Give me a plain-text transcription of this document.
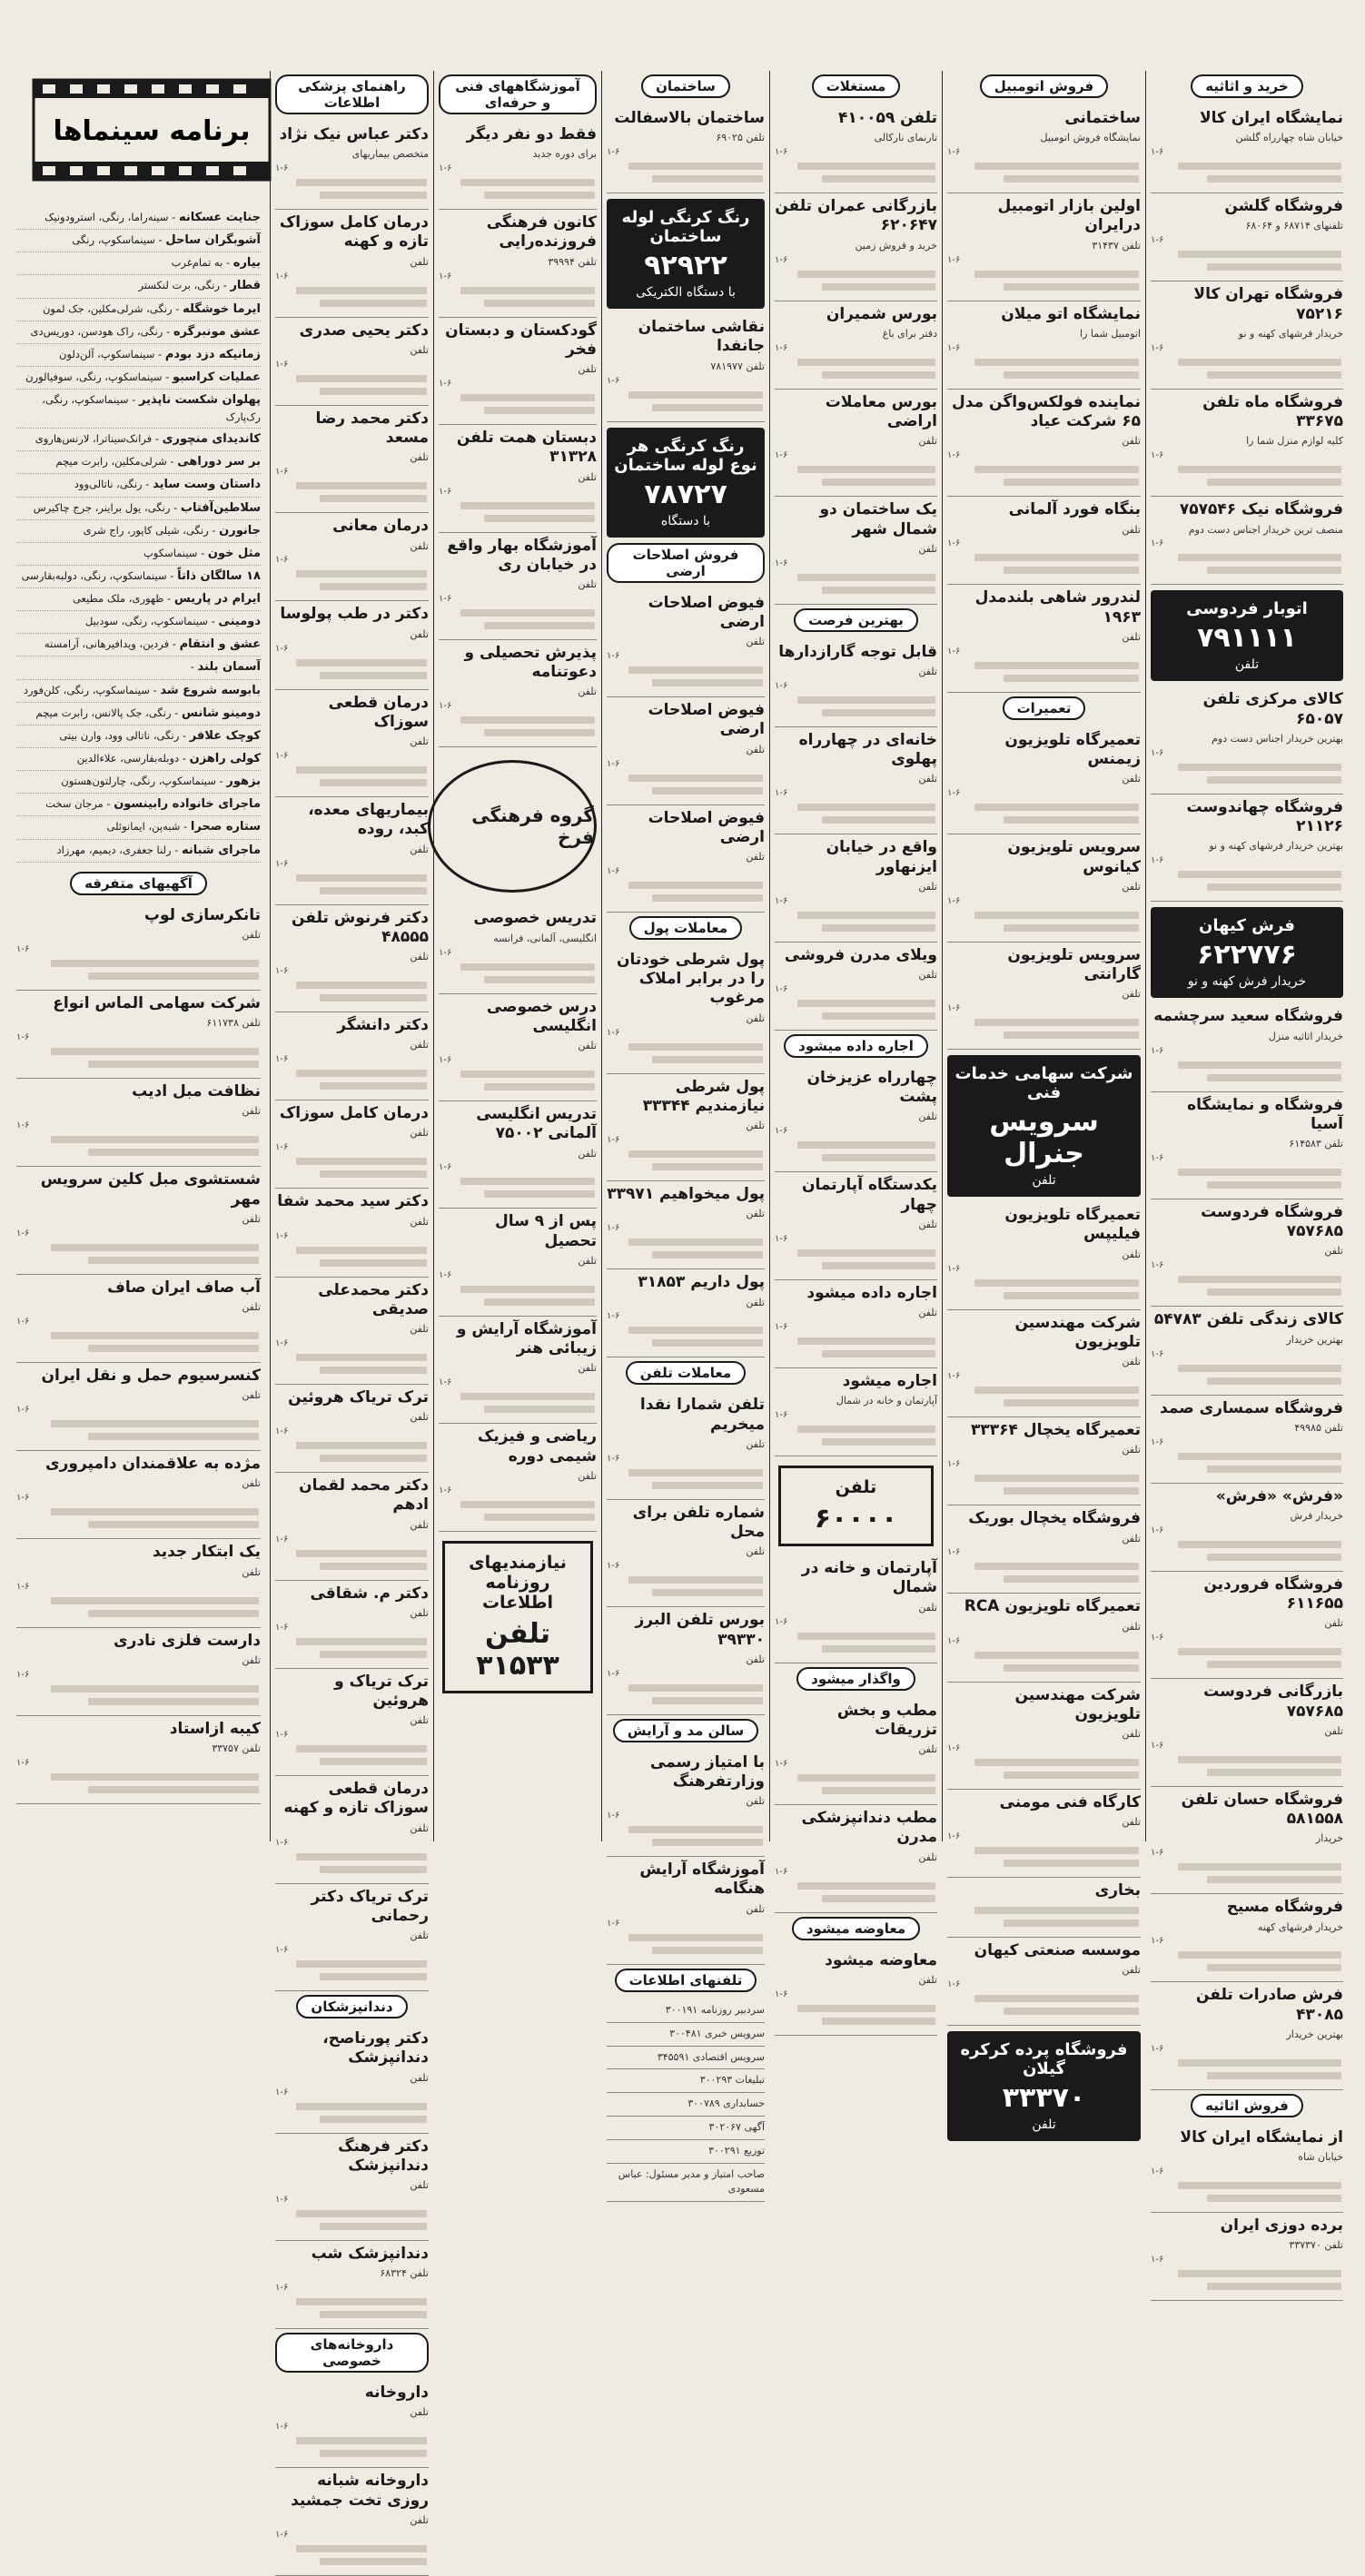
خرید و اثاثیه
نمایشگاه ایران کالا

خیابان شاه چهارراه گلشن

۱-۶
فروشگاه گلشن

تلفنهای ۶۸۷۱۴ و ۶۸۰۶۴

۱-۶
فروشگاه تهران کالا ۷۵۲۱۶

خریدار فرشهای کهنه و نو

۱-۶
فروشگاه ماه تلفن ۳۳۶۷۵

کلیه لوازم منزل شما را

۱-۶
فروشگاه نیک ۷۵۷۵۴۶

منصف ترین خریدار اجناس دست دوم

۱-۶
اتوبار فردوسی
۷۹۱۱۱۱
تلفن
کالای مرکزی تلفن ۶۵۰۵۷

بهترین خریدار اجناس دست دوم

۱-۶
فروشگاه چهاندوست ۲۱۱۲۶

بهترین خریدار فرشهای کهنه و نو

۱-۶
فرش کیهان
۶۲۲۷۷۶
خریدار فرش کهنه و نو
فروشگاه سعید سرچشمه

خریدار اثاثیه منزل

۱-۶
فروشگاه و نمایشگاه آسیا

تلفن ۶۱۴۵۸۳

۱-۶
فروشگاه فردوست ۷۵۷۶۸۵

تلفن

۱-۶
کالای زندگی تلفن ۵۴۷۸۳

بهترین خریدار

۱-۶
فروشگاه سمساری صمد

تلفن ۴۹۹۸۵

۱-۶
«فرش» «فرش»

خریدار فرش

۱-۶
فروشگاه فروردین ۶۱۱۶۵۵

تلفن

۱-۶
بازرگانی فردوست ۷۵۷۶۸۵

تلفن

۱-۶
فروشگاه حسان تلفن ۵۸۱۵۵۸

خریدار

۱-۶
فروشگاه مسیح

خریدار فرشهای کهنه

۱-۶
فرش صادرات تلفن ۴۳۰۸۵

بهترین خریدار

۱-۶
فروش اثاثیه
از نمایشگاه ایران کالا

خیابان شاه

۱-۶
برده دوزی ایران

تلفن ۳۳۷۳۷۰

۱-۶
فروش اتومبیل
ساختمانی

نمایشگاه فروش اتومبیل

۱-۶
اولین بازار اتومبیل درایران

تلفن ۳۱۴۳۷

۱-۶
نمایشگاه اتو میلان

اتومبیل شما را

۱-۶
نماینده فولکس‌واگن مدل ۶۵ شرکت عیاد

تلفن

۱-۶
بنگاه فورد آلمانی

تلفن

۱-۶
لندرور شاهی بلندمدل ۱۹۶۳

تلفن

۱-۶
تعمیرات
تعمیرگاه تلویزیون زیمنس

تلفن

۱-۶
سرویس تلویزیون کیانوس

تلفن

۱-۶
سرویس تلویزیون گارانتی

تلفن

۱-۶
شرکت سهامی خدمات فنی
سرویس جنرال
تلفن
تعمیرگاه تلویزیون فیلیپس

تلفن

۱-۶
شرکت مهندسین تلویزیون

تلفن

۱-۶
تعمیرگاه یخچال ۳۳۳۶۴

تلفن

۱-۶
فروشگاه یخچال بوریک

تلفن

۱-۶
تعمیرگاه تلویزیون RCA

تلفن

۱-۶
شرکت مهندسین تلویزیون

تلفن

۱-۶
کارگاه فنی مومنی

تلفن

۱-۶
بخاری

موسسه صنعتی کیهان

تلفن

۱-۶
فروشگاه پرده کرکره گیلان
۳۳۳۷۰
تلفن
مستغلات
تلفن ۴۱۰۰۵۹

تارنمای نارکالی

۱-۶
بازرگانی عمران تلفن ۶۲۰۶۴۷

خرید و فروش زمین

۱-۶
بورس شمیران

دفتر برای باغ

۱-۶
بورس معاملات اراضی

تلفن

۱-۶
یک ساختمان دو شمال شهر

تلفن

۱-۶
بهترین فرصت
قابل توجه گارازدارها

تلفن

۱-۶
خانه‌ای در چهارراه پهلوی

تلفن

۱-۶
واقع در خیابان ایزنهاور

تلفن

۱-۶
ویلای مدرن فروشی

تلفن

۱-۶
اجاره داده میشود
چهارراه عزیزخان پشت

تلفن

۱-۶
یکدستگاه آپارتمان چهار

تلفن

۱-۶
اجاره داده میشود

تلفن

۱-۶
اجاره میشود

آپارتمان و خانه در شمال

۱-۶
تلفن
۶۰۰۰۰
آپارتمان و خانه در شمال

تلفن

۱-۶
واگذار میشود
مطب و بخش تزریقات

تلفن

۱-۶
مطب دندانپزشکی مدرن

تلفن

۱-۶
معاوضه میشود
معاوضه میشود

تلفن

۱-۶
ساختمان
ساختمان بالاسفالت

تلفن ۶۹۰۲۵

۱-۶
رنگ کرنگی لوله ساختمان
۹۲۹۲۲
با دستگاه الکتریکی
نقاشی ساختمان جانفدا

تلفن ۷۸۱۹۷۷

۱-۶
رنگ کرنگی هر نوع لوله ساختمان
۷۸۷۲۷
با دستگاه
فروش اصلاحات ارضی
فیوض اصلاحات ارضی

تلفن

۱-۶
فیوض اصلاحات ارضی

تلفن

۱-۶
فیوض اصلاحات ارضی

تلفن

۱-۶
معاملات پول
پول شرطی خودتان را در برابر املاک مرغوب

تلفن

۱-۶
پول شرطی نیازمندیم ۳۳۳۴۴

تلفن

۱-۶
پول میخواهیم ۳۳۹۷۱

تلفن

۱-۶
پول داریم ۳۱۸۵۳

تلفن

۱-۶
معاملات تلفن
تلفن شمارا نقدا میخریم

تلفن

۱-۶
شماره تلفن برای محل

تلفن

۱-۶
بورس تلفن البرز ۳۹۳۳۰

تلفن

۱-۶
سالن مد و آرایش
با امتیاز رسمی وزارتفرهنگ

تلفن

۱-۶
آموزشگاه آرایش هنگامه

تلفن

۱-۶
تلفنهای اطلاعات

سردبیر روزنامه ۳۰۰۱۹۱

سرویس خبری ۳۰۰۴۸۱

سرویس اقتصادی ۳۴۵۵۹۱

تبلیغات ۳۰۰۲۹۳

حسابداری ۳۰۰۷۸۹

آگهی ۳۰۲۰۶۷

توزیع ۳۰۰۲۹۱

صاحب امتیاز و مدیر مسئول: عباس مسعودی

آموزشگاههای فنی و حرفه‌ای
فقط دو نفر دیگر

برای دوره جدید

۱-۶
کانون فرهنگی فروزنده‌رایی

تلفن ۳۹۹۹۴

۱-۶
گودکستان و دبستان فخر

تلفن

۱-۶
دبستان همت تلفن ۳۱۳۲۸

تلفن

۱-۶
آموزشگاه بهار واقع در خیابان ری

تلفن

۱-۶
پذیرش تحصیلی و دعوتنامه

تلفن

۱-۶
گروه فرهنگی فرخ
تدریس خصوصی

انگلیسی، آلمانی، فرانسه

۱-۶
درس خصوصی انگلیسی

تلفن

۱-۶
تدریس انگلیسی آلمانی ۷۵۰۰۲

تلفن

۱-۶
پس از ۹ سال تحصیل

تلفن

۱-۶
آموزشگاه آرایش و زیبائی هنر

تلفن

۱-۶
ریاضی و فیزیک شیمی دوره

تلفن

۱-۶
نیازمندیهای روزنامه اطلاعات
تلفن ۳۱۵۳۳
راهنمای پزشکی اطلاعات
دکتر عباس نیک نژاد

متخصص بیماریهای

۱-۶
درمان کامل سوزاک تازه و کهنه

تلفن

۱-۶
دکتر یحیی صدری

تلفن

۱-۶
دکتر محمد رضا مسعد

تلفن

۱-۶
درمان معانی

تلفن

۱-۶
دکتر در طب پولوسا

تلفن

۱-۶
درمان قطعی سوزاک

تلفن

۱-۶
بیماریهای معده، کبد، روده

تلفن

۱-۶
دکتر فرنوش تلفن ۴۸۵۵۵

تلفن

۱-۶
دکتر دانشگر

تلفن

۱-۶
درمان کامل سوزاک

تلفن

۱-۶
دکتر سید محمد شفا

تلفن

۱-۶
دکتر محمدعلی صدیقی

تلفن

۱-۶
ترک تریاک هروئین

تلفن

۱-۶
دکتر محمد لقمان ادهم

تلفن

۱-۶
دکتر م. شقاقی

تلفن

۱-۶
ترک تریاک و هروئین

تلفن

۱-۶
درمان قطعی سوزاک تازه و کهنه

تلفن

۱-۶
ترک تریاک دکتر رحمانی

تلفن

۱-۶
دندانپزشکان
دکتر پورناصح، دندانپزشک

تلفن

۱-۶
دکتر فرهنگ دندانپزشک

تلفن

۱-۶
دندانپزشک شب

تلفن ۶۸۳۲۴

۱-۶
داروخانه‌های خصوصی
داروخانه

تلفن

۱-۶
داروخانه شبانه روزی تخت جمشید

تلفن

۱-۶
برنامه سینماها
جنایت عسکانه - سینه‌راما، رنگی، استرودونیک
آشوبگران ساحل - سینماسکوپ، رنگی
بیاره - به تمام‌غرب
قطار - رنگی، برت لنکستر
ایرما خوشگله - رنگی، شرلی‌مکلین، جک لمون
عشق مونبرگره - رنگی، راک هودسن، دوریس‌دی
زمانیکه دزد بودم - سینماسکوپ، آلن‌دلون
عملیات کراسبو - سینماسکوپ، رنگی، سوفیالورن
پهلوان شکست ناپذیر - سینماسکوپ، رنگی، رک‌پارک
کاندیدای منچوری - فرانک‌سیناترا، لارنس‌هاروی
بر سر دوراهی - شرلی‌مکلین، رابرت میچم
داستان وست ساید - رنگی، ناتالی‌وود
سلاطین‌آفتاب - رنگی، یول براینر، جرج چاکیرس
جانورن - رنگی، شیلی کاپور، راج شری
مثل خون - سینماسکوپ
۱۸ سالگان ذاتاً - سینماسکوپ، رنگی، دولبه‌بقارسی
ایرام در پاریس - ظهوری، ملک مطیعی
دومینی - سینماسکوپ، رنگی، سودبیل
عشق و انتقام - فردین، ویدافیرهانی، آرامسته
آسمان بلند -
بابوسه شروع شد - سینماسکوپ، رنگی، کلن‌فورد
دومینو شانس - رنگی، جک پالانس، رابرت میچم
کوچک علافر - رنگی، ناتالی وود، وارن بیتی
کولی راهزن - دوبله‌بفارسی، علاءالدین
بزهور - سینماسکوپ، رنگی، چارلتون‌هستون
ماجرای خانواده رابینسون - مرجان سخت
ستاره صحرا - شبه‌پن، ایمانوئلی
ماجرای شبانه - رلنا جعفری، دیمیم، مهرزاد
آگهیهای متفرقه
تانکرسازی لوپ

تلفن

۱-۶
شرکت سهامی الماس انواع

تلفن ۶۱۱۷۳۸

۱-۶
نظافت مبل ادیب

تلفن

۱-۶
شستشوی مبل کلین سرویس مهر

تلفن

۱-۶
آب صاف ایران صاف

تلفن

۱-۶
کنسرسیوم حمل و نقل ایران

تلفن

۱-۶
مژده به علاقمندان دامپروری

تلفن

۱-۶
یک ابتکار جدید

تلفن

۱-۶
دارست فلزی نادری

تلفن

۱-۶
کیبه ازاستاد

تلفن ۳۳۷۵۷

۱-۶
